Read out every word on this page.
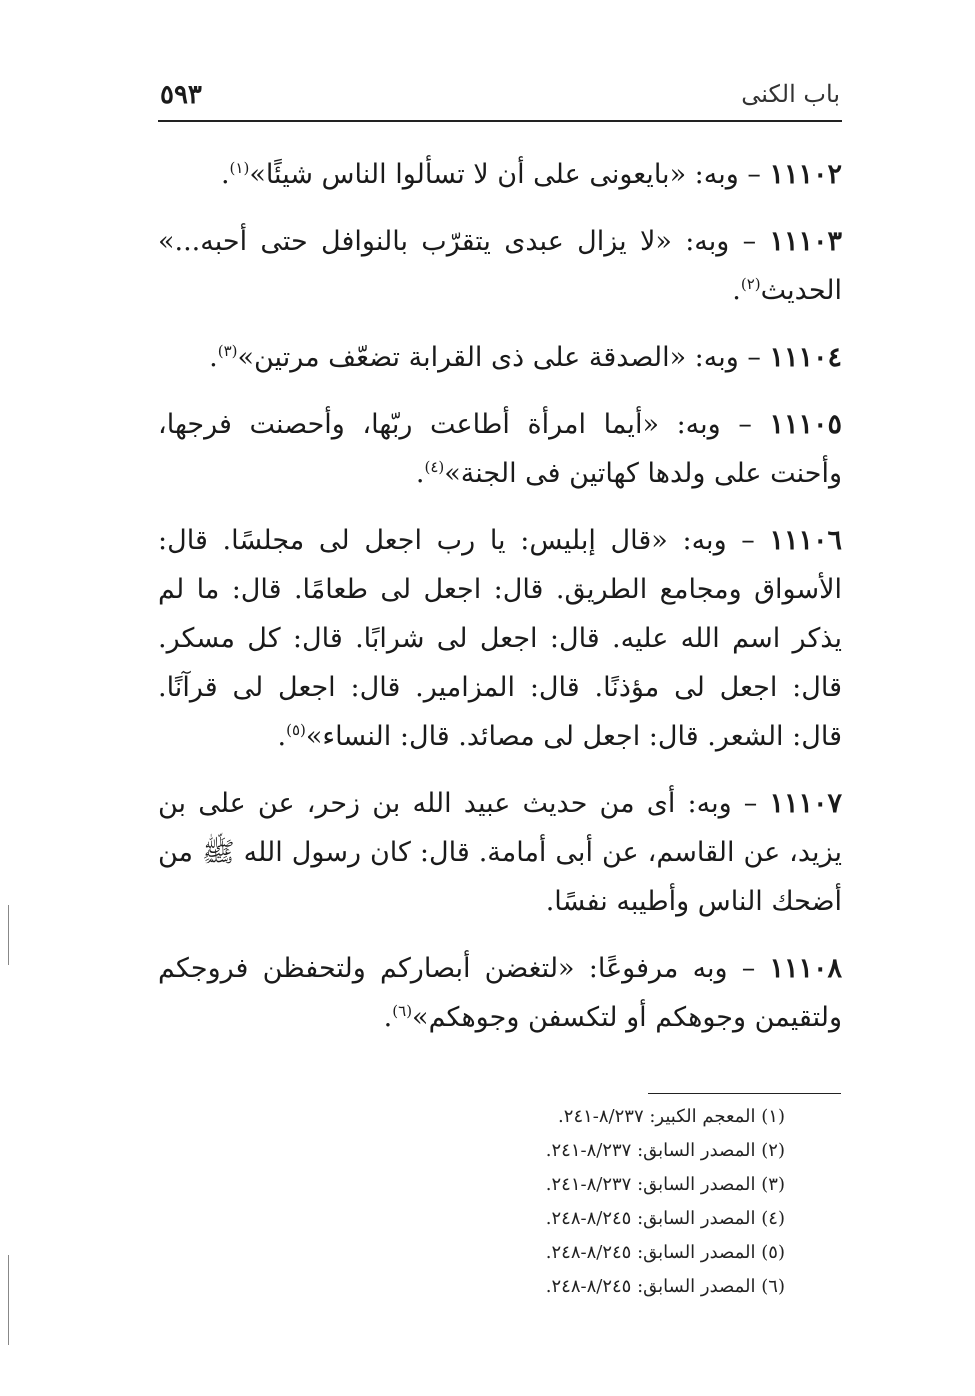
باب الكنى
٥٩٣

١١١٠٢ – وبه: «بايعونى على أن لا تسألوا الناس شيئًا»$^{(١)}$.

١١١٠٣ – وبه: «لا يزال عبدى يتقرّب بالنوافل حتى أحبه...» الحديث$^{(٢)}$.

١١١٠٤ – وبه: «الصدقة على ذى القرابة تضعّف مرتين»$^{(٣)}$.

١١١٠٥ – وبه: «أيما امرأة أطاعت ربّها، وأحصنت فرجها، وأحنت على ولدها كهاتين فى الجنة»$^{(٤)}$.

١١١٠٦ – وبه: «قال إبليس: يا رب اجعل لى مجلسًا. قال: الأسواق ومجامع الطريق. قال: اجعل لى طعامًا. قال: ما لم يذكر اسم الله عليه. قال: اجعل لى شرابًا. قال: كل مسكر. قال: اجعل لى مؤذنًا. قال: المزامير. قال: اجعل لى قرآنًا. قال: الشعر. قال: اجعل لى مصائد. قال: النساء»$^{(٥)}$.

١١١٠٧ – وبه: أى من حديث عبيد الله بن زحر، عن على بن يزيد، عن القاسم، عن أبى أمامة. قال: كان رسول الله ﷺ من أضحك الناس وأطيبه نفسًا.

١١١٠٨ – وبه مرفوعًا: «لتغضن أبصاركم ولتحفظن فروجكم ولتقيمن وجوهكم أو لتكسفن وجوهكم»$^{(٦)}$.

(١) المعجم الكبير: ٨/٢٣٧-٢٤١.
(٢) المصدر السابق: ٨/٢٣٧-٢٤١.
(٣) المصدر السابق: ٨/٢٣٧-٢٤١.
(٤) المصدر السابق: ٨/٢٤٥-٢٤٨.
(٥) المصدر السابق: ٨/٢٤٥-٢٤٨.
(٦) المصدر السابق: ٨/٢٤٥-٢٤٨.
